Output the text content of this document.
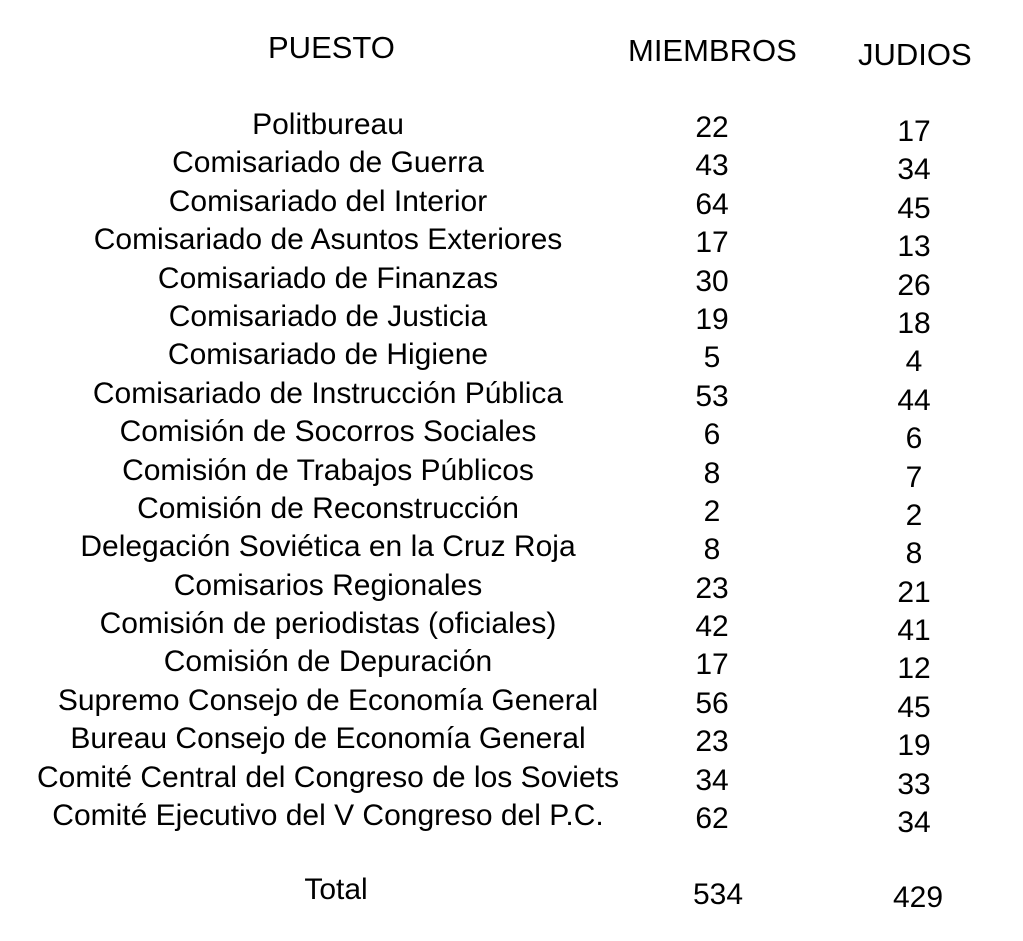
PUESTO	MIEMBROS JUDIOS
Politbureau	22	17
Comisariado de Guerra	43	34
Comisariado del Interior	64	45
Comisariado de Asuntos Exteriores	17	13
Comisariado de Finanzas	30	26
Comisariado de Justicia	19	18
Comisariado de Higiene	5	4
Comisariado de Instrucción Pública	53	44
Comisión de Socorros Sociales	6	6
Comisión de Trabajos Públicos	8	7
Comisión de Reconstrucción	2	2
Delegación Soviética en la Cruz Roja	8	8
Comisarios Regionales	23	21
Comisión de periodistas (oficiales)	42	41
Comisión de Depuración	17	12
Supremo Consejo de Economía General	56	45
Bureau Consejo de Economía General	23	19
Comité Central del Congreso de los Soviets	34	33
Comité Ejecutivo del V Congreso del P.C.	62	34
Total	534	429
